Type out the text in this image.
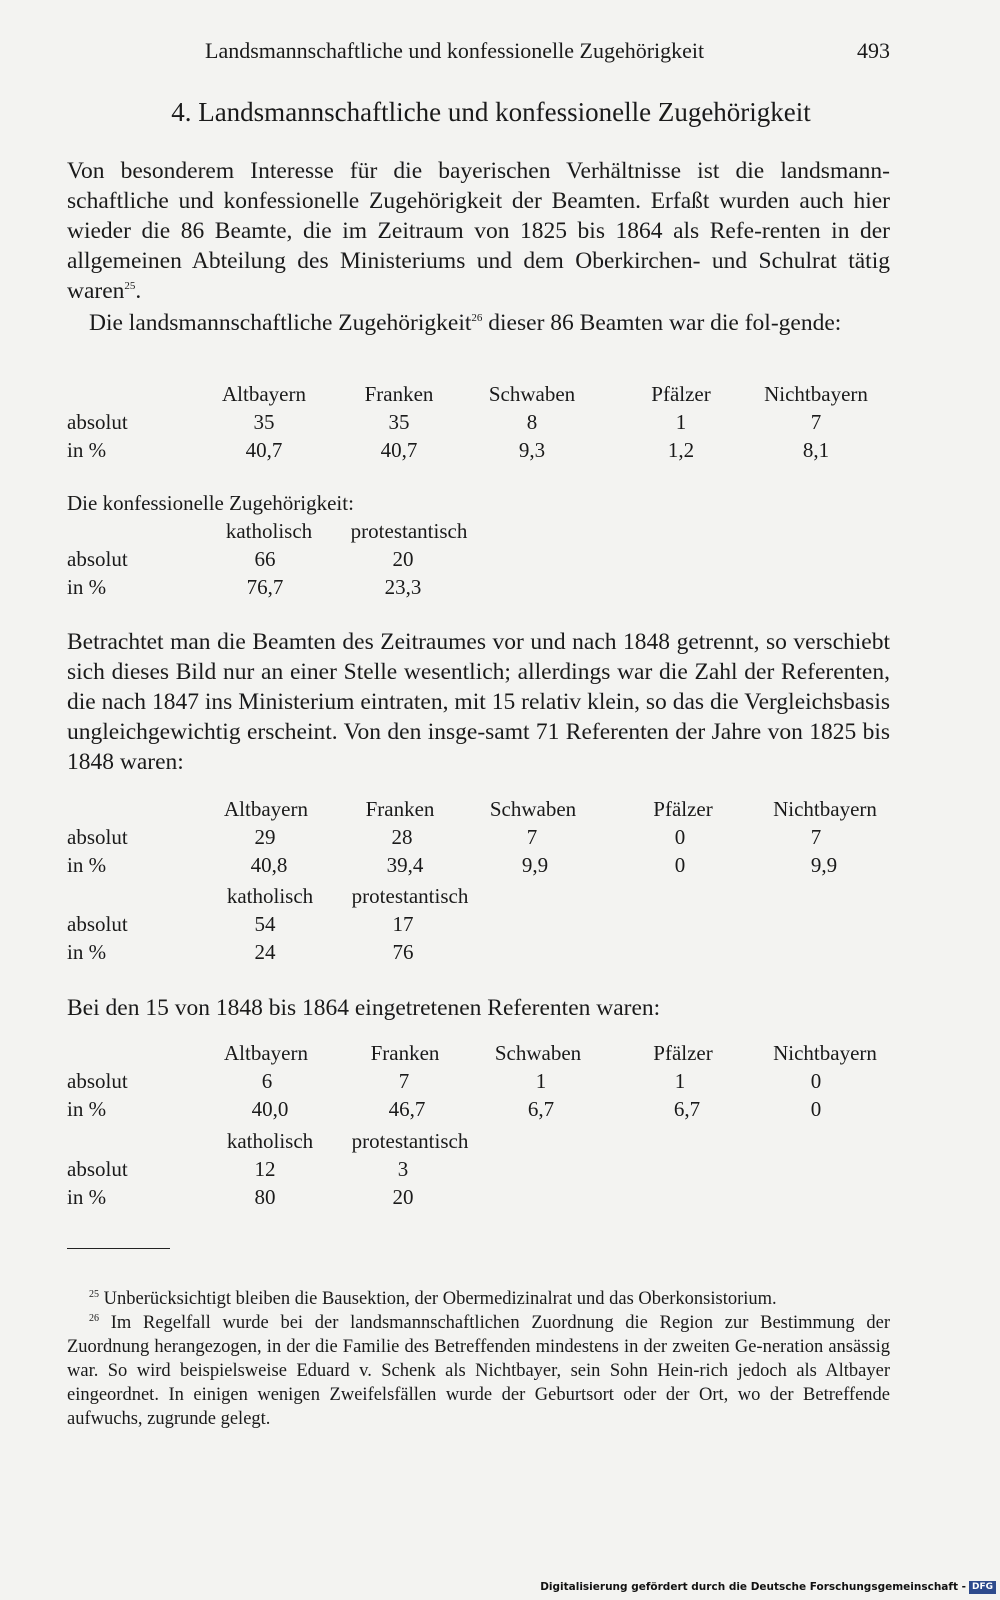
Landsmannschaftliche und konfessionelle Zugehörigkeit	493
4. Landsmannschaftliche und konfessionelle Zugehörigkeit

Von besonderem Interesse für die bayerischen Verhältnisse ist die landsmann-schaftliche und konfessionelle Zugehörigkeit der Beamten. Erfaßt wurden auch hier wieder die 86 Beamte, die im Zeitraum von 1825 bis 1864 als Refe-renten in der allgemeinen Abteilung des Ministeriums und dem Oberkirchen- und Schulrat tätig waren$^{25}$.

Die landsmannschaftliche Zugehörigkeit$^{26}$ dieser 86 Beamten war die fol-gende:

Altbayern	Franken	Schwaben	Pfälzer	Nichtbayern
absolut	35	35	8	1	7
in %	40,7	40,7	9,3	1,2	8,1
Die konfessionelle Zugehörigkeit:
katholisch protestantisch
absolut	66	20
in %	76,7	23,3

Betrachtet man die Beamten des Zeitraumes vor und nach 1848 getrennt, so verschiebt sich dieses Bild nur an einer Stelle wesentlich; allerdings war die Zahl der Referenten, die nach 1847 ins Ministerium eintraten, mit 15 relativ klein, so das die Vergleichsbasis ungleichgewichtig erscheint. Von den insge-samt 71 Referenten der Jahre von 1825 bis 1848 waren:

Altbayern	Franken	Schwaben	Pfälzer	Nichtbayern
absolut	29	28	7	0	7
in %	40,8	39,4	9,9	0	9,9
katholisch protestantisch
absolut	54	17
in %	24	76

Bei den 15 von 1848 bis 1864 eingetretenen Referenten waren:

Altbayern	Franken	Schwaben	Pfälzer	Nichtbayern
absolut	6	7	1	1	0
in %	40,0	46,7	6,7	6,7	0
katholisch protestantisch
absolut	12	3
in %	80	20

$^{25}$ Unberücksichtigt bleiben die Bausektion, der Obermedizinalrat und das Oberkonsistorium.

$^{26}$ Im Regelfall wurde bei der landsmannschaftlichen Zuordnung die Region zur Bestimmung der Zuordnung herangezogen, in der die Familie des Betreffenden mindestens in der zweiten Ge-neration ansässig war. So wird beispielsweise Eduard v. Schenk als Nichtbayer, sein Sohn Hein-rich jedoch als Altbayer eingeordnet. In einigen wenigen Zweifelsfällen wurde der Geburtsort oder der Ort, wo der Betreffende aufwuchs, zugrunde gelegt.

Digitalisierung gefördert durch die Deutsche Forschungsgemeinschaft - DFG
